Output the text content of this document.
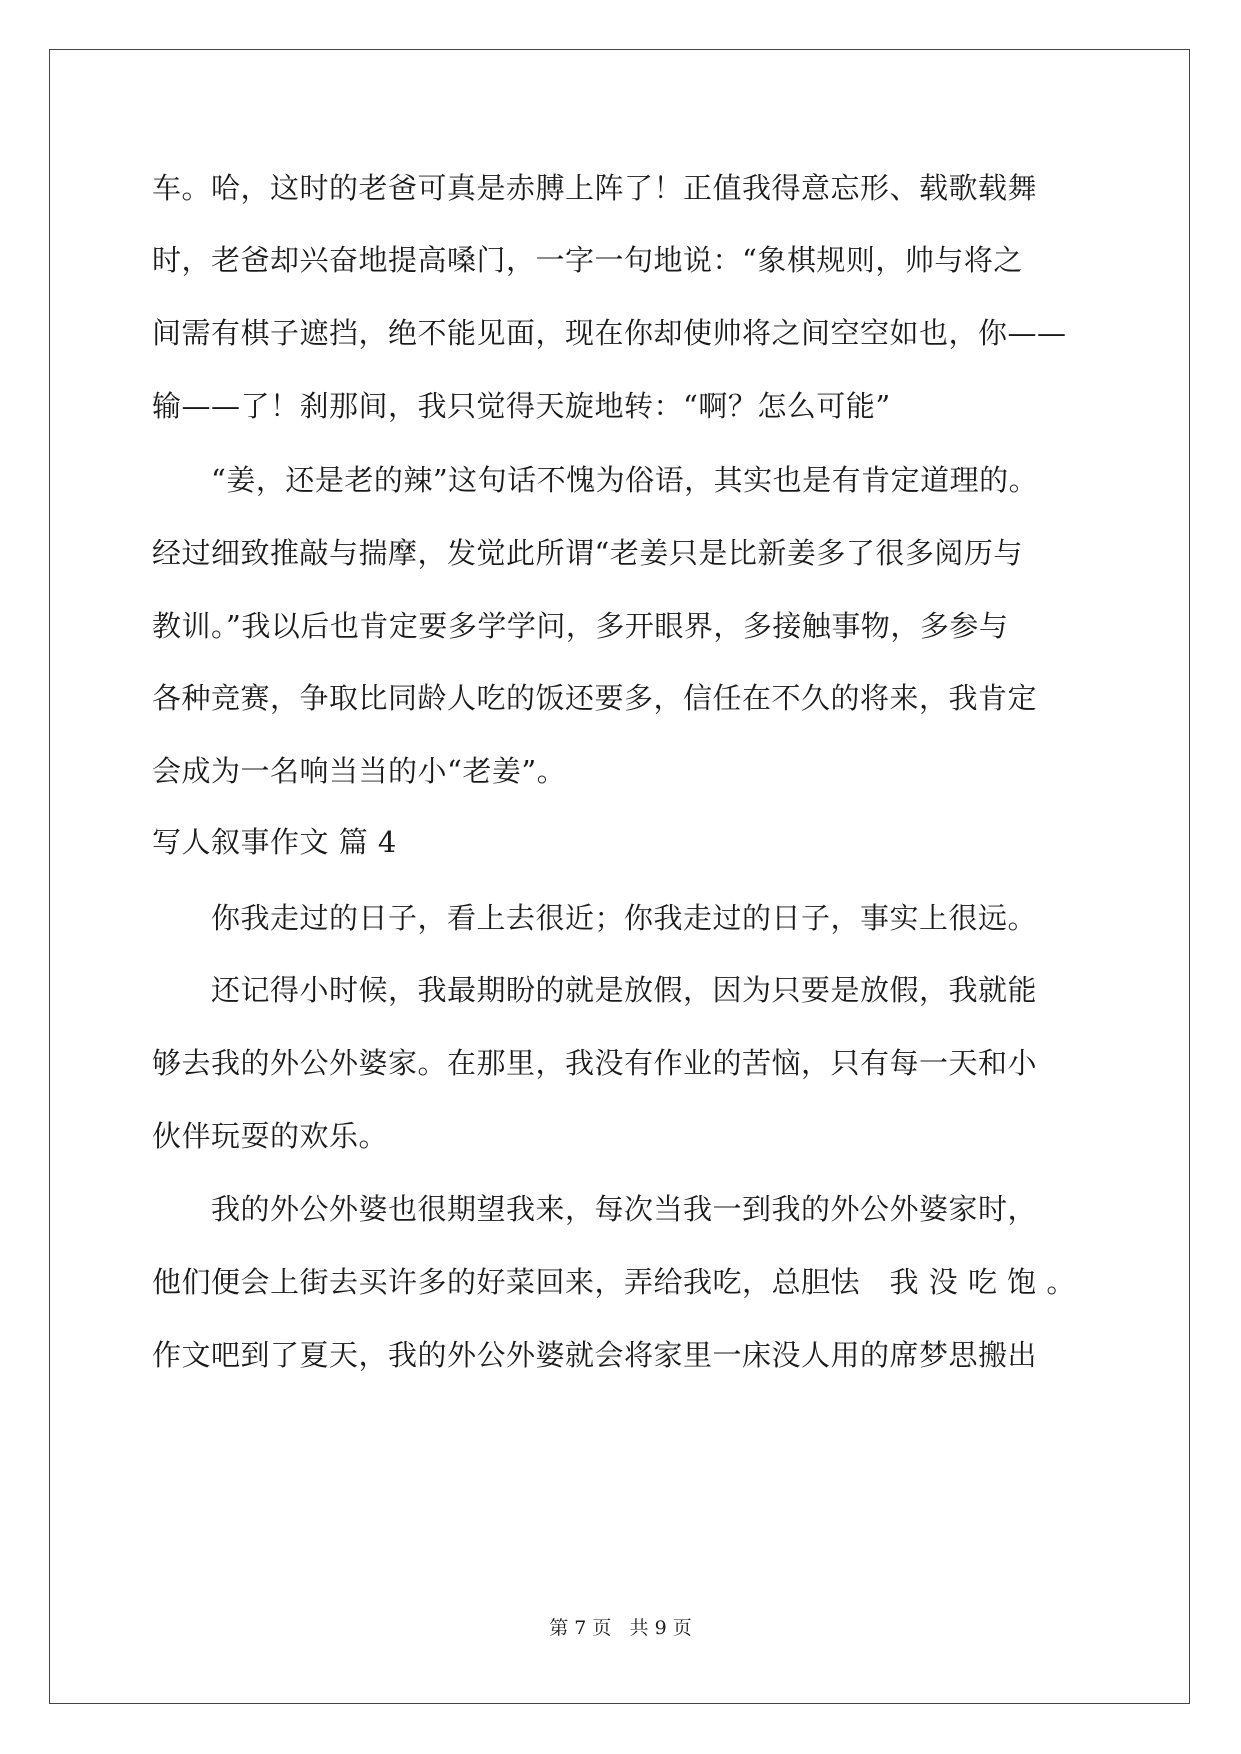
车。哈，这时的老爸可真是赤膊上阵了！正值我得意忘形、载歌载舞
时，老爸却兴奋地提高嗓门，一字一句地说：“象棋规则，帅与将之
间需有棋子遮挡，绝不能见面，现在你却使帅将之间空空如也，你——
输——了！刹那间，我只觉得天旋地转：“啊？怎么可能”
　　“姜，还是老的辣”这句话不愧为俗语，其实也是有肯定道理的。
经过细致推敲与揣摩，发觉此所谓“老姜只是比新姜多了很多阅历与
教训。”我以后也肯定要多学学问，多开眼界，多接触事物，多参与
各种竞赛，争取比同龄人吃的饭还要多，信任在不久的将来，我肯定
会成为一名响当当的小“老姜”。
写人叙事作文 篇 4
　　你我走过的日子，看上去很近；你我走过的日子，事实上很远。
　　还记得小时候，我最期盼的就是放假，因为只要是放假，我就能
够去我的外公外婆家。在那里，我没有作业的苦恼，只有每一天和小
伙伴玩耍的欢乐。
　　我的外公外婆也很期望我来，每次当我一到我的外公外婆家时，
他们便会上街去买许多的好菜回来，弄给我吃，总胆怯　我 没 吃 饱 。
作文吧到了夏天，我的外公外婆就会将家里一床没人用的席梦思搬出
第 7 页   共 9 页
